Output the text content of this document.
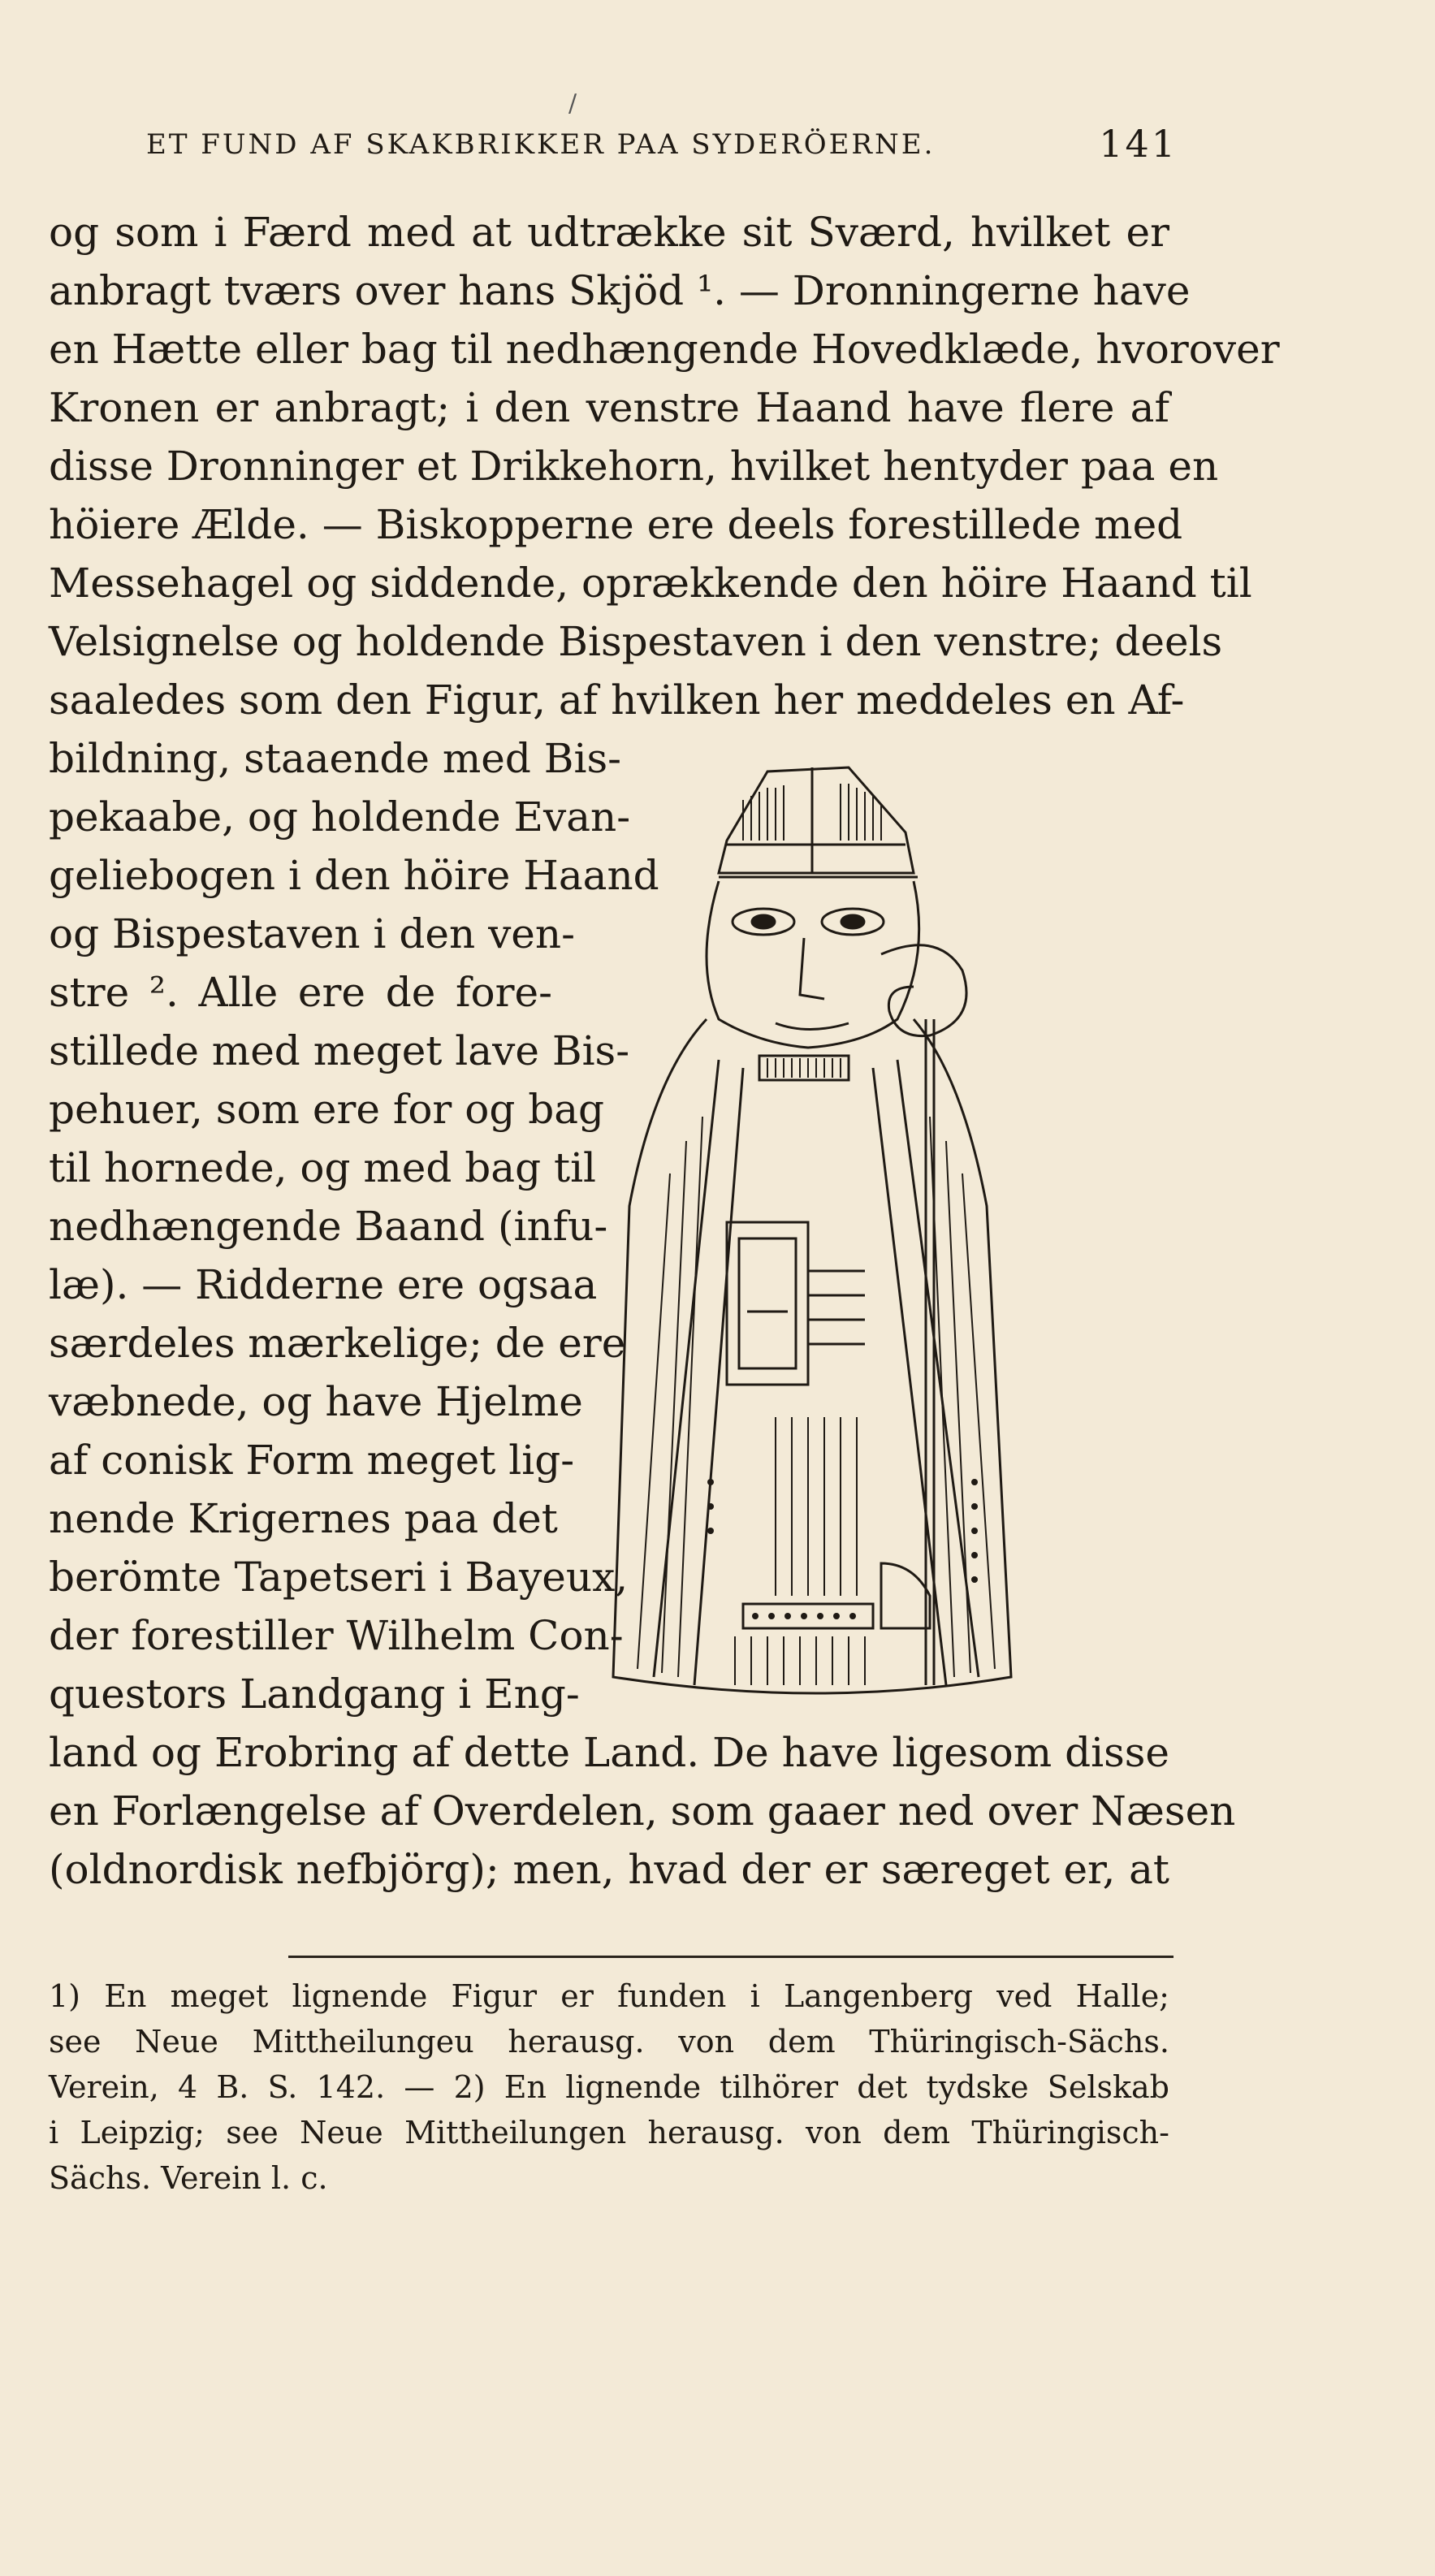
/
ET FUND AF SKAKBRIKKER PAA SYDERÖERNE.	141
og som i Færd med at udtrække sit Sværd, hvilket er
anbragt tværs over hans Skjöd ¹. — Dronningerne have
en Hætte eller bag til nedhængende Hovedklæde, hvorover
Kronen er anbragt; i den venstre Haand have flere af
disse Dronninger et Drikkehorn, hvilket hentyder paa en
höiere Ælde. — Biskopperne ere deels forestillede med
Messehagel og siddende, oprækkende den höire Haand til
Velsignelse og holdende Bispestaven i den venstre; deels
saaledes som den Figur, af hvilken her meddeles en Af-
bildning, staaende med Bis-
pekaabe, og holdende Evan-
geliebogen i den höire Haand
og Bispestaven i den ven-
stre ². Alle ere de fore-
stillede med meget lave Bis-
pehuer, som ere for og bag
til hornede, og med bag til
nedhængende Baand (infu-
læ). — Ridderne ere ogsaa
særdeles mærkelige; de ere
væbnede, og have Hjelme
af conisk Form meget lig-
nende Krigernes paa det
berömte Tapetseri i Bayeux,
der forestiller Wilhelm Con-
questors Landgang i Eng-
land og Erobring af dette Land. De have ligesom disse
en Forlængelse af Overdelen, som gaaer ned over Næsen
(oldnordisk nefbjörg); men, hvad der er særeget er, at
1) En meget lignende Figur er funden i Langenberg ved Halle;
see Neue Mittheilungeu herausg. von dem Thüringisch-Sächs.
Verein, 4 B. S. 142. — 2) En lignende tilhörer det tydske Selskab
i Leipzig; see Neue Mittheilungen herausg. von dem Thüringisch-
Sächs. Verein l. c.
